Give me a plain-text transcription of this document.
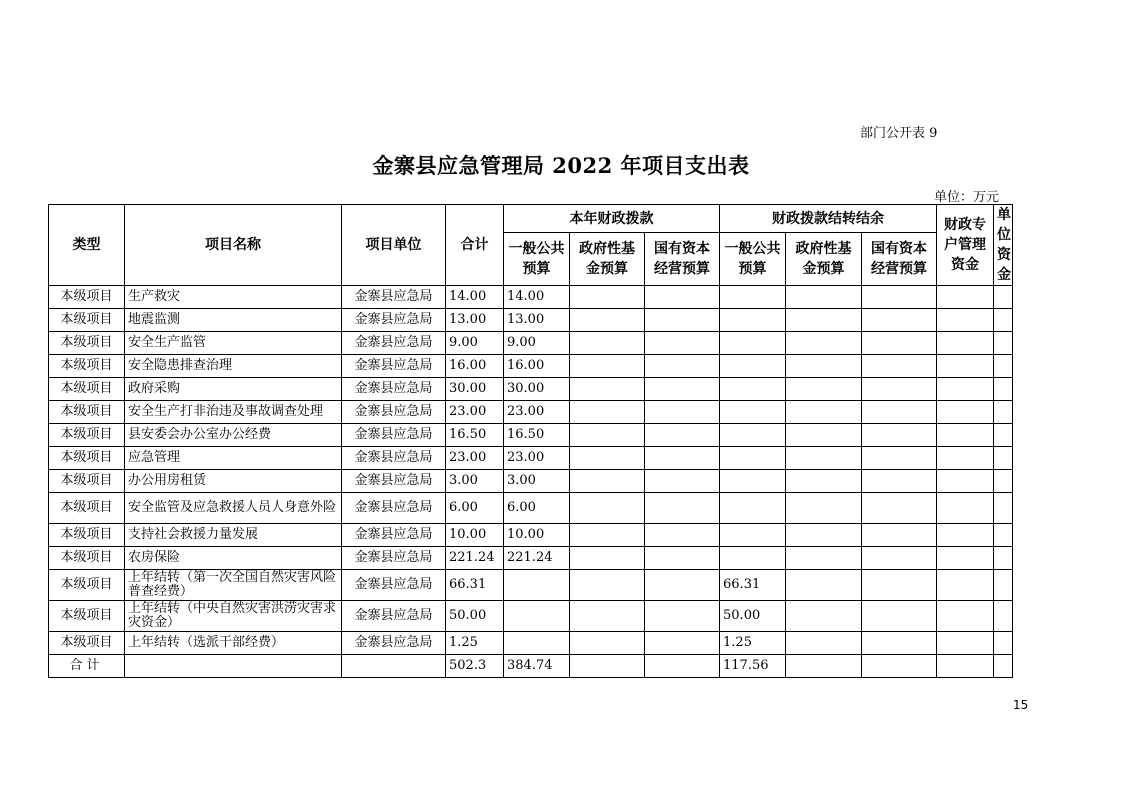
部门公开表 9
金寨县应急管理局 2022 年项目支出表
单位：万元
类型	项目名称	项目单位	合计	本年财政拨款			财政拨款结转结余			财政专户管理资金	单位资金
				一般公共预算	政府性基金预算	国有资本经营预算	一般公共预算	政府性基金预算	国有资本经营预算		
本级项目	生产救灾	金寨县应急局	14.00	14.00							
本级项目	地震监测	金寨县应急局	13.00	13.00							
本级项目	安全生产监管	金寨县应急局	9.00	9.00							
本级项目	安全隐患排查治理	金寨县应急局	16.00	16.00							
本级项目	政府采购	金寨县应急局	30.00	30.00							
本级项目	安全生产打非治违及事故调查处理	金寨县应急局	23.00	23.00							
本级项目	县安委会办公室办公经费	金寨县应急局	16.50	16.50							
本级项目	应急管理	金寨县应急局	23.00	23.00							
本级项目	办公用房租赁	金寨县应急局	3.00	3.00							
本级项目	安全监管及应急救援人员人身意外险	金寨县应急局	6.00	6.00							
本级项目	支持社会救援力量发展	金寨县应急局	10.00	10.00							
本级项目	农房保险	金寨县应急局	221.24	221.24							
本级项目	上年结转（第一次全国自然灾害风险普查经费）	金寨县应急局	66.31				66.31				
本级项目	上年结转（中央自然灾害洪涝灾害求灾资金）	金寨县应急局	50.00				50.00				
本级项目	上年结转（选派干部经费）	金寨县应急局	1.25				1.25				
合计			502.3	384.74			117.56				
15
